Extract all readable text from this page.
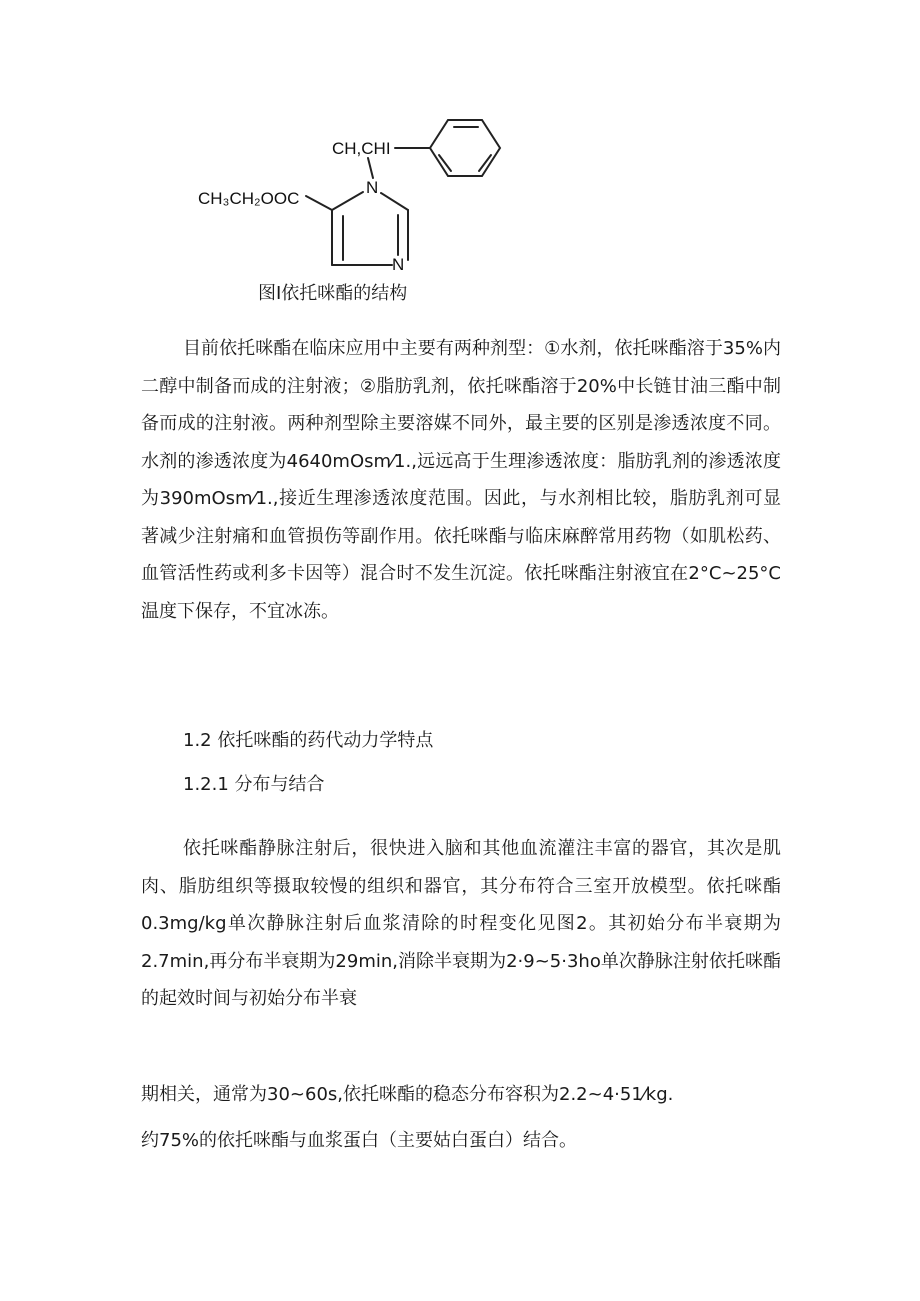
CH,CHI
CH₃CH₂OOC
N
N
图I依托咪酯的结构

目前依托咪酯在临床应用中主要有两种剂型：①水剂，依托咪酯溶于35%内二醇中制备而成的注射液；②脂肪乳剂，依托咪酯溶于20%中长链甘油三酯中制备而成的注射液。两种剂型除主要溶媒不同外，最主要的区别是渗透浓度不同。水剂的渗透浓度为4640mOsm⁄1.,远远高于生理渗透浓度：脂肪乳剂的渗透浓度为390mOsm⁄1.,接近生理渗透浓度范围。因此，与水剂相比较，脂肪乳剂可显著减少注射痛和血管损伤等副作用。依托咪酯与临床麻醉常用药物（如肌松药、血管活性药或利多卡因等）混合时不发生沉淀。依托咪酯注射液宜在2°C~25°C温度下保存，不宜冰冻。

1.2 依托咪酯的药代动力学特点
1.2.1 分布与结合

依托咪酯静脉注射后，很快进入脑和其他血流灌注丰富的器官，其次是肌肉、脂肪组织等摄取较慢的组织和器官，其分布符合三室开放模型。依托咪酯0.3mg/kg单次静脉注射后血浆清除的时程变化见图2。其初始分布半衰期为2.7min,再分布半衰期为29min,消除半衰期为2·9~5·3ho单次静脉注射依托咪酯的起效时间与初始分布半衰

期相关，通常为30~60s,依托咪酯的稳态分布容积为2.2~4·51⁄kg.
约75%的依托咪酯与血浆蛋白（主要姑白蛋白）结合。
